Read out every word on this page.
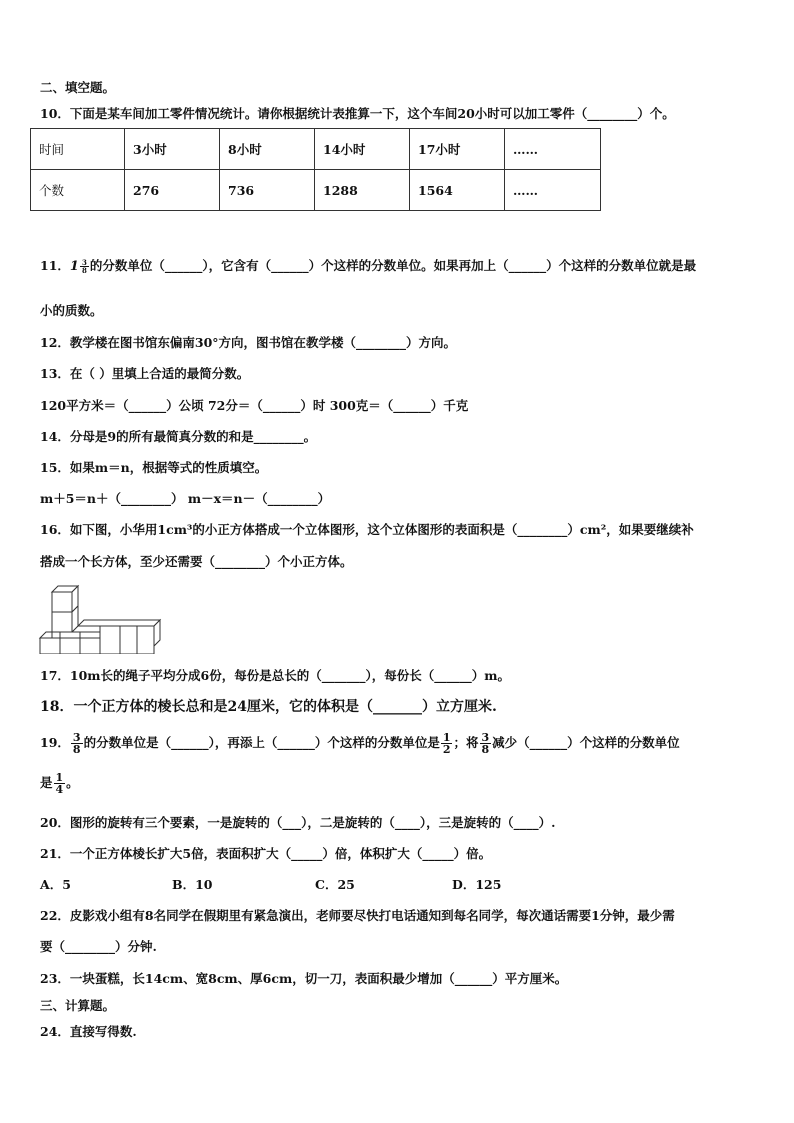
二、填空题。
10．下面是某车间加工零件情况统计。请你根据统计表推算一下，这个车间20小时可以加工零件（________）个。
时间	3小时	8小时	14小时	17小时	……
个数	276	736	1288	1564	……
11．$1 \frac{3}{8}$ 的分数单位（______），它含有（______）个这样的分数单位。如果再加上（______）个这样的分数单位就是最
小的质数。
12．教学楼在图书馆东偏南30°方向，图书馆在教学楼（________）方向。
13．在（ ）里填上合适的最简分数。
120平方米＝（______）公顷 72分＝（______）时 300克＝（______）千克
14．分母是9的所有最简真分数的和是________。
15．如果m＝n，根据等式的性质填空。
m＋5＝n＋（________） m－x＝n－（________）
16．如下图，小华用1cm³的小正方体搭成一个立体图形，这个立体图形的表面积是（________）cm²，如果要继续补
搭成一个长方体，至少还需要（________）个小正方体。
17．10m长的绳子平均分成6份，每份是总长的（_______），每份长（______）m。
18．一个正方体的棱长总和是24厘米，它的体积是（_______）立方厘米.
19． $\frac{3}{8}$ 的分数单位是（______），再添上（______）个这样的分数单位是 $\frac{1}{2}$ ；将 $\frac{3}{8}$ 减少（______）个这样的分数单位
是 $\frac{1}{4}$ 。
20．图形的旋转有三个要素，一是旋转的（___），二是旋转的（____），三是旋转的（____）.
21．一个正方体棱长扩大5倍，表面积扩大（_____）倍，体积扩大（_____）倍。
A．5	B．10	C．25	D．125
22．皮影戏小组有8名同学在假期里有紧急演出，老师要尽快打电话通知到每名同学，每次通话需要1分钟，最少需
要（________）分钟.
23．一块蛋糕，长14cm、宽8cm、厚6cm，切一刀，表面积最少增加（______）平方厘米。
三、计算题。
24．直接写得数.
